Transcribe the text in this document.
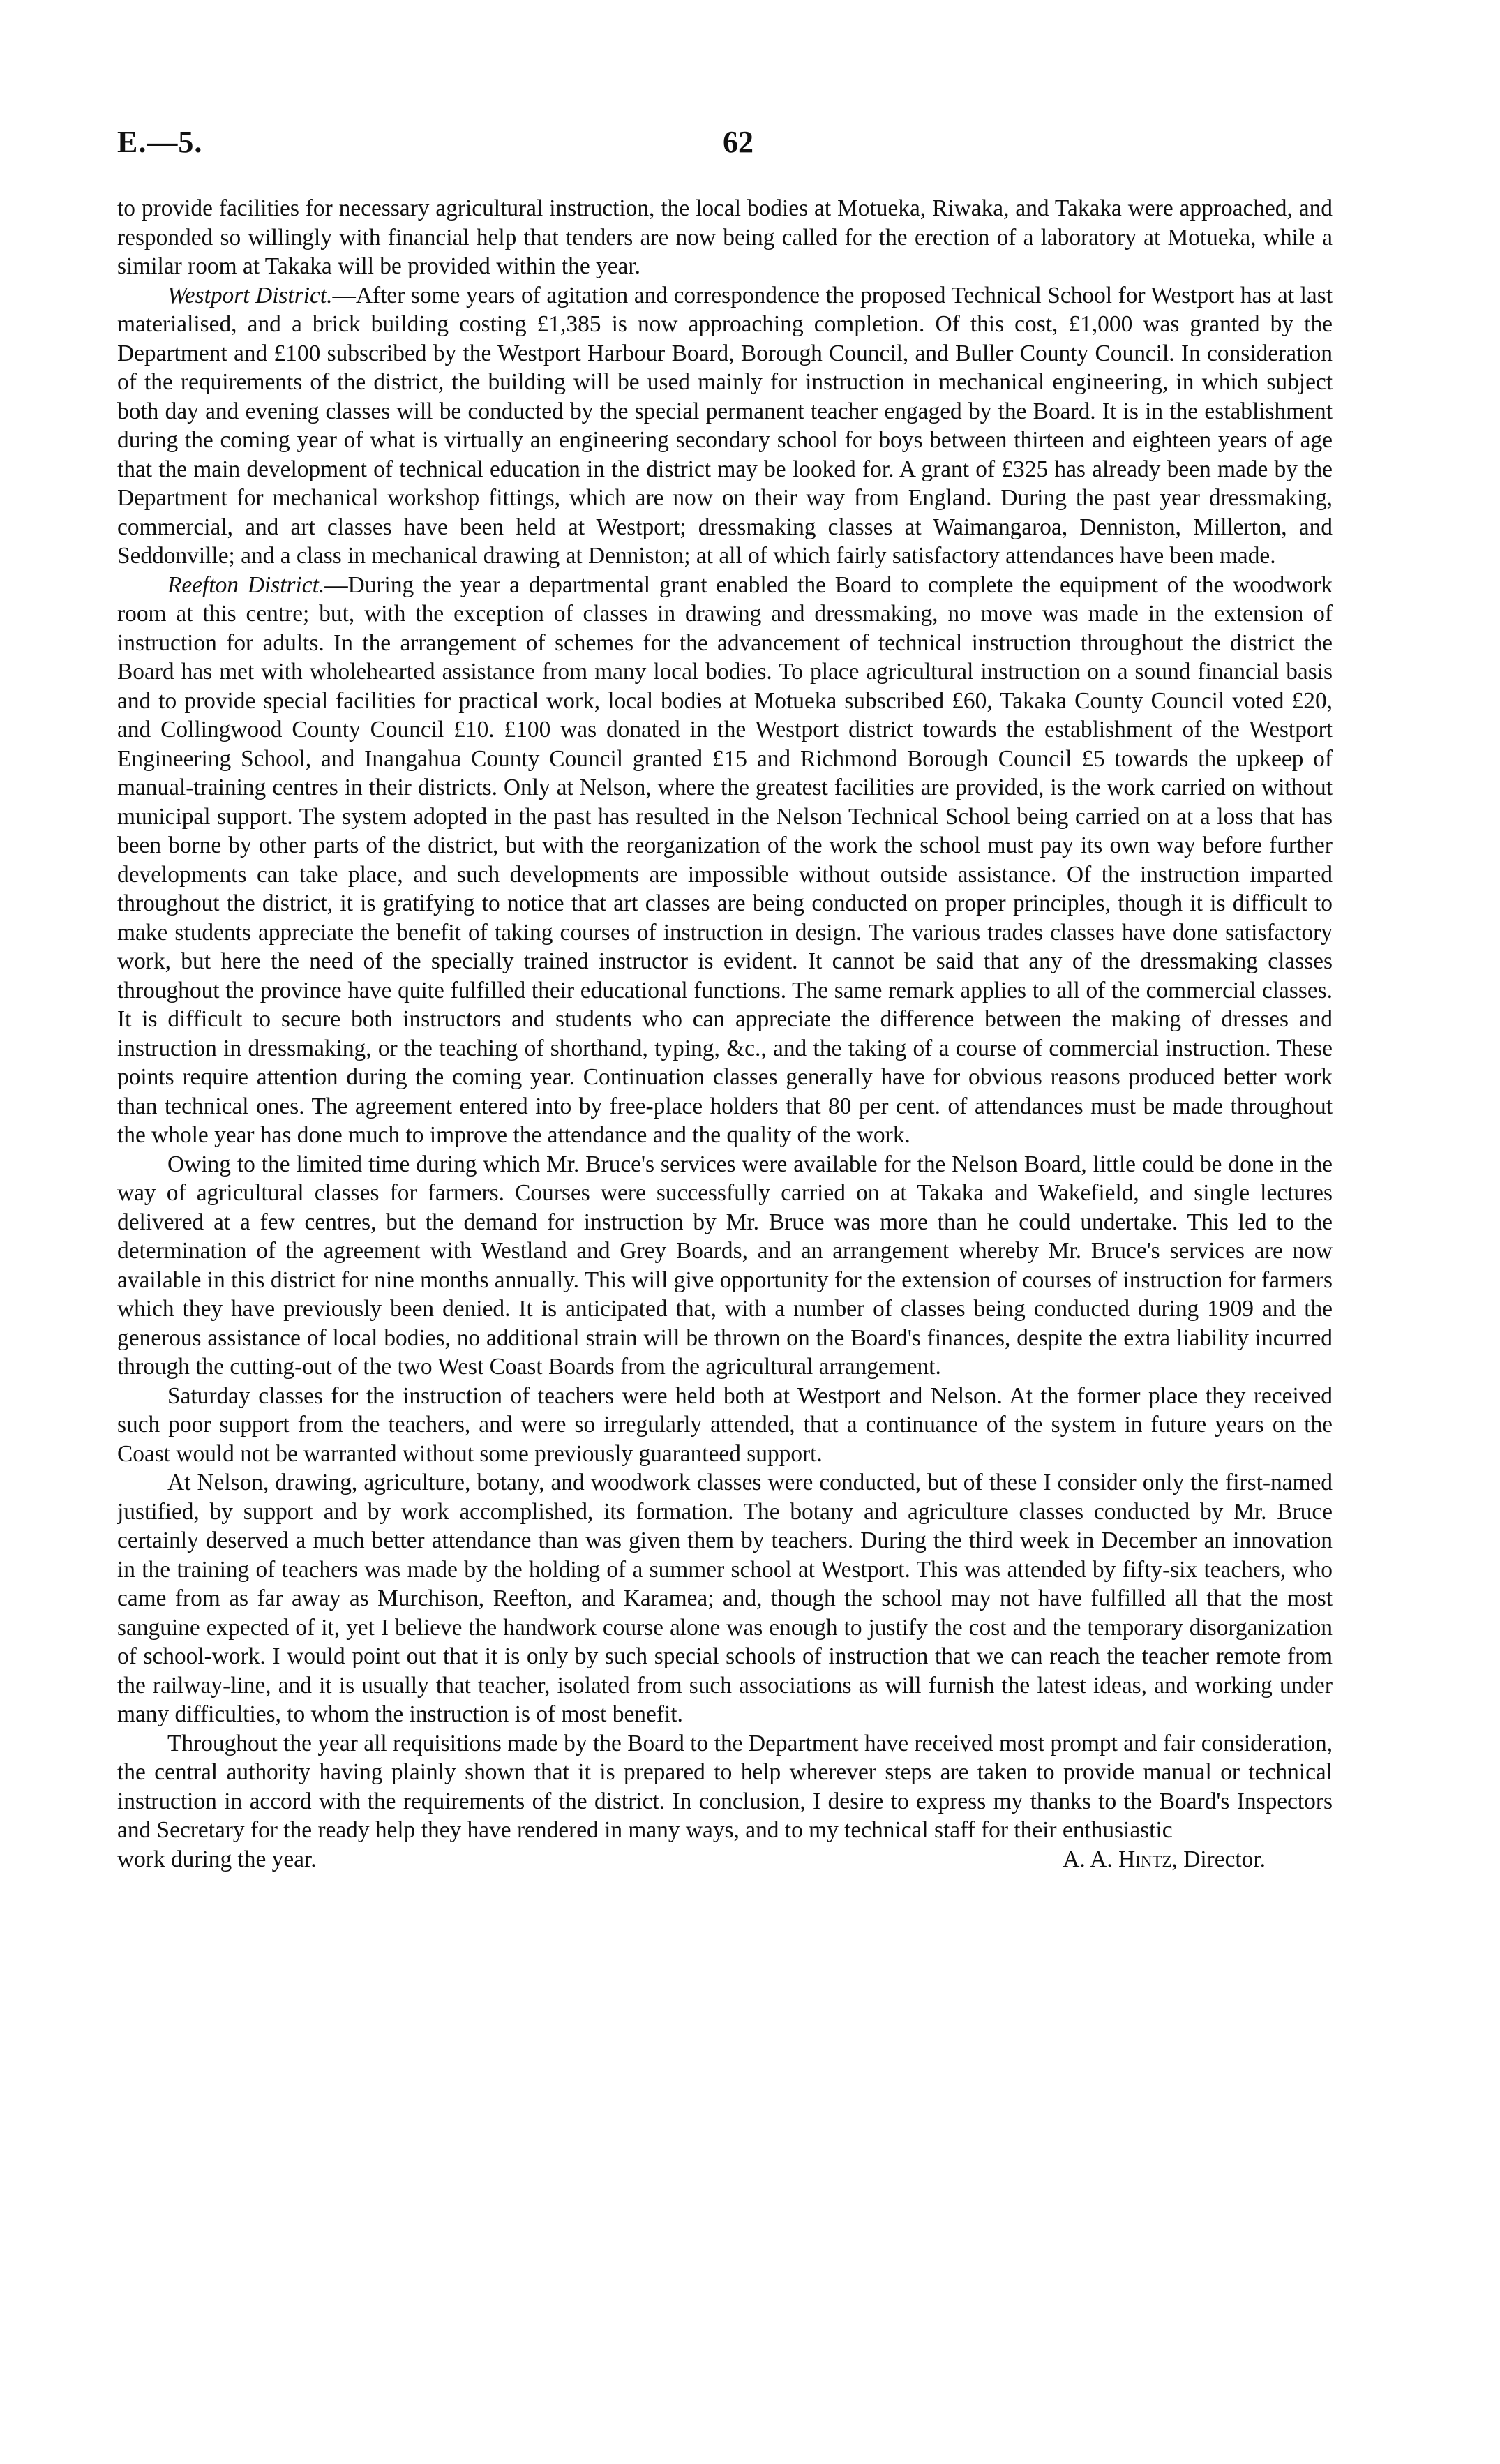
E.—5.	62

to provide facilities for necessary agricultural instruction, the local bodies at Motueka, Riwaka, and Takaka were approached, and responded so willingly with financial help that tenders are now being called for the erection of a laboratory at Motueka, while a similar room at Takaka will be provided within the year.

Westport District.—After some years of agitation and correspondence the proposed Technical School for Westport has at last materialised, and a brick building costing £1,385 is now approaching completion. Of this cost, £1,000 was granted by the Department and £100 subscribed by the Westport Harbour Board, Borough Council, and Buller County Council. In consideration of the requirements of the district, the building will be used mainly for instruction in mechanical engineering, in which subject both day and evening classes will be conducted by the special permanent teacher engaged by the Board. It is in the establishment during the coming year of what is virtually an engineering secondary school for boys between thirteen and eighteen years of age that the main development of technical education in the district may be looked for. A grant of £325 has already been made by the Department for mechanical workshop fittings, which are now on their way from England. During the past year dressmaking, commercial, and art classes have been held at Westport; dressmaking classes at Waimangaroa, Denniston, Millerton, and Seddonville; and a class in mechanical drawing at Denniston; at all of which fairly satisfactory attendances have been made.

Reefton District.—During the year a departmental grant enabled the Board to complete the equipment of the woodwork room at this centre; but, with the exception of classes in drawing and dressmaking, no move was made in the extension of instruction for adults. In the arrangement of schemes for the advancement of technical instruction throughout the district the Board has met with wholehearted assistance from many local bodies. To place agricultural instruction on a sound financial basis and to provide special facilities for practical work, local bodies at Motueka subscribed £60, Takaka County Council voted £20, and Collingwood County Council £10. £100 was donated in the Westport district towards the establishment of the Westport Engineering School, and Inangahua County Council granted £15 and Richmond Borough Council £5 towards the upkeep of manual-training centres in their districts. Only at Nelson, where the greatest facilities are provided, is the work carried on without municipal support. The system adopted in the past has resulted in the Nelson Technical School being carried on at a loss that has been borne by other parts of the district, but with the reorganization of the work the school must pay its own way before further developments can take place, and such developments are impossible without outside assistance. Of the instruction imparted throughout the district, it is gratifying to notice that art classes are being conducted on proper principles, though it is difficult to make students appreciate the benefit of taking courses of instruction in design. The various trades classes have done satisfactory work, but here the need of the specially trained instructor is evident. It cannot be said that any of the dressmaking classes throughout the province have quite fulfilled their educational functions. The same remark applies to all of the commercial classes. It is difficult to secure both instructors and students who can appreciate the difference between the making of dresses and instruction in dressmaking, or the teaching of shorthand, typing, &c., and the taking of a course of commercial instruction. These points require attention during the coming year. Continuation classes generally have for obvious reasons produced better work than technical ones. The agreement entered into by free-place holders that 80 per cent. of attendances must be made throughout the whole year has done much to improve the attendance and the quality of the work.

Owing to the limited time during which Mr. Bruce's services were available for the Nelson Board, little could be done in the way of agricultural classes for farmers. Courses were successfully carried on at Takaka and Wakefield, and single lectures delivered at a few centres, but the demand for instruction by Mr. Bruce was more than he could undertake. This led to the determination of the agreement with Westland and Grey Boards, and an arrangement whereby Mr. Bruce's services are now available in this district for nine months annually. This will give opportunity for the extension of courses of instruction for farmers which they have previously been denied. It is anticipated that, with a number of classes being conducted during 1909 and the generous assistance of local bodies, no additional strain will be thrown on the Board's finances, despite the extra liability incurred through the cutting-out of the two West Coast Boards from the agricultural arrangement.

Saturday classes for the instruction of teachers were held both at Westport and Nelson. At the former place they received such poor support from the teachers, and were so irregularly attended, that a continuance of the system in future years on the Coast would not be warranted without some previously guaranteed support.

At Nelson, drawing, agriculture, botany, and woodwork classes were conducted, but of these I consider only the first-named justified, by support and by work accomplished, its formation. The botany and agriculture classes conducted by Mr. Bruce certainly deserved a much better attendance than was given them by teachers. During the third week in December an innovation in the training of teachers was made by the holding of a summer school at Westport. This was attended by fifty-six teachers, who came from as far away as Murchison, Reefton, and Karamea; and, though the school may not have fulfilled all that the most sanguine expected of it, yet I believe the handwork course alone was enough to justify the cost and the temporary disorganization of school-work. I would point out that it is only by such special schools of instruction that we can reach the teacher remote from the railway-line, and it is usually that teacher, isolated from such associations as will furnish the latest ideas, and working under many difficulties, to whom the instruction is of most benefit.

Throughout the year all requisitions made by the Board to the Department have received most prompt and fair consideration, the central authority having plainly shown that it is prepared to help wherever steps are taken to provide manual or technical instruction in accord with the requirements of the district. In conclusion, I desire to express my thanks to the Board's Inspectors and Secretary for the ready help they have rendered in many ways, and to my technical staff for their enthusiastic

work during the year.	A. A. Hintz, Director.
